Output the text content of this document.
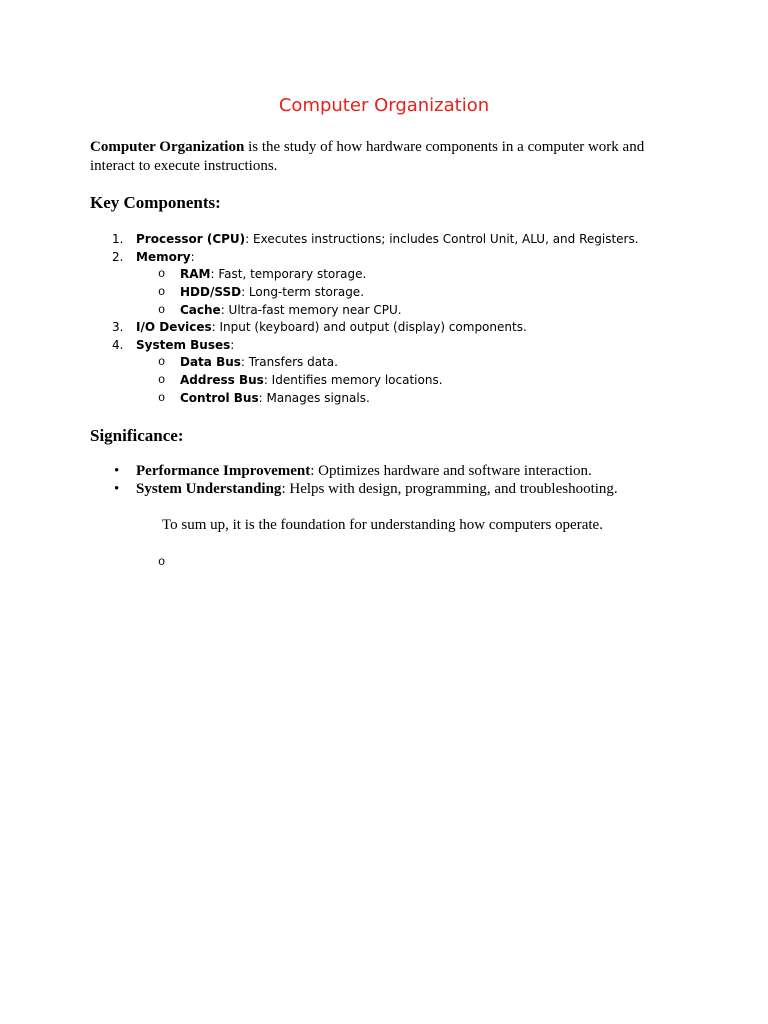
Computer Organization
Computer Organization is the study of how hardware components in a computer work and interact to execute instructions.
Key Components:
1.	Processor (CPU): Executes instructions; includes Control Unit, ALU, and Registers.
2.	Memory:
o RAM: Fast, temporary storage.
o HDD/SSD: Long-term storage.
o Cache: Ultra-fast memory near CPU.
3.	I/O Devices: Input (keyboard) and output (display) components.
4.	System Buses:
o Data Bus: Transfers data.
o Address Bus: Identifies memory locations.
o Control Bus: Manages signals.
Significance:
•	Performance Improvement: Optimizes hardware and software interaction.
•	System Understanding: Helps with design, programming, and troubleshooting.
To sum up, it is the foundation for understanding how computers operate.
o
